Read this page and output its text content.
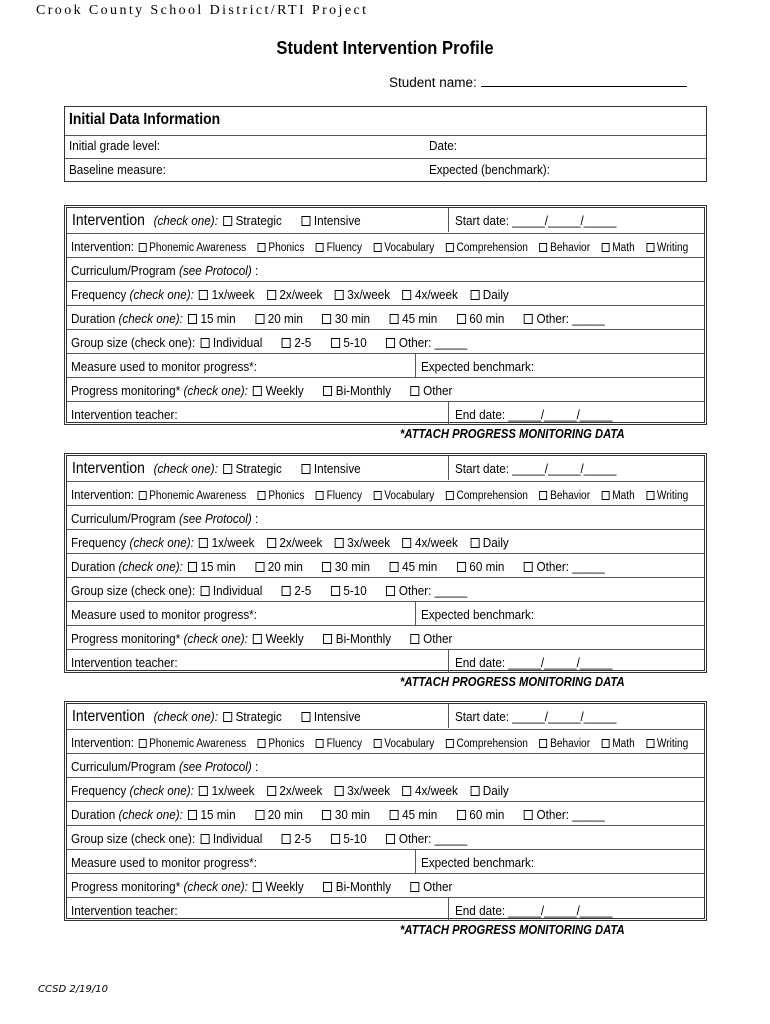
Crook County School District/RTI Project
Student Intervention Profile
Student name:
Initial Data Information
Initial grade level:	Date:
Baseline measure:	Expected (benchmark):
Intervention (check one): Strategic Intensive	Start date: _____/_____/_____
Intervention: Phonemic Awareness Phonics Fluency Vocabulary Comprehension Behavior Math Writing
Curriculum/Program (see Protocol) :
Frequency (check one): 1x/week 2x/week 3x/week 4x/week Daily
Duration (check one): 15 min 20 min 30 min 45 min 60 min Other: _____
Group size (check one): Individual 2-5 5-10 Other: _____
Measure used to monitor progress*:	Expected benchmark:
Progress monitoring* (check one): Weekly Bi-Monthly Other
Intervention teacher:	End date: _____/_____/_____
*ATTACH PROGRESS MONITORING DATA
Intervention (check one): Strategic Intensive	Start date: _____/_____/_____
Intervention: Phonemic Awareness Phonics Fluency Vocabulary Comprehension Behavior Math Writing
Curriculum/Program (see Protocol) :
Frequency (check one): 1x/week 2x/week 3x/week 4x/week Daily
Duration (check one): 15 min 20 min 30 min 45 min 60 min Other: _____
Group size (check one): Individual 2-5 5-10 Other: _____
Measure used to monitor progress*:	Expected benchmark:
Progress monitoring* (check one): Weekly Bi-Monthly Other
Intervention teacher:	End date: _____/_____/_____
*ATTACH PROGRESS MONITORING DATA
Intervention (check one): Strategic Intensive	Start date: _____/_____/_____
Intervention: Phonemic Awareness Phonics Fluency Vocabulary Comprehension Behavior Math Writing
Curriculum/Program (see Protocol) :
Frequency (check one): 1x/week 2x/week 3x/week 4x/week Daily
Duration (check one): 15 min 20 min 30 min 45 min 60 min Other: _____
Group size (check one): Individual 2-5 5-10 Other: _____
Measure used to monitor progress*:	Expected benchmark:
Progress monitoring* (check one): Weekly Bi-Monthly Other
Intervention teacher:	End date: _____/_____/_____
*ATTACH PROGRESS MONITORING DATA
CCSD 2/19/10
